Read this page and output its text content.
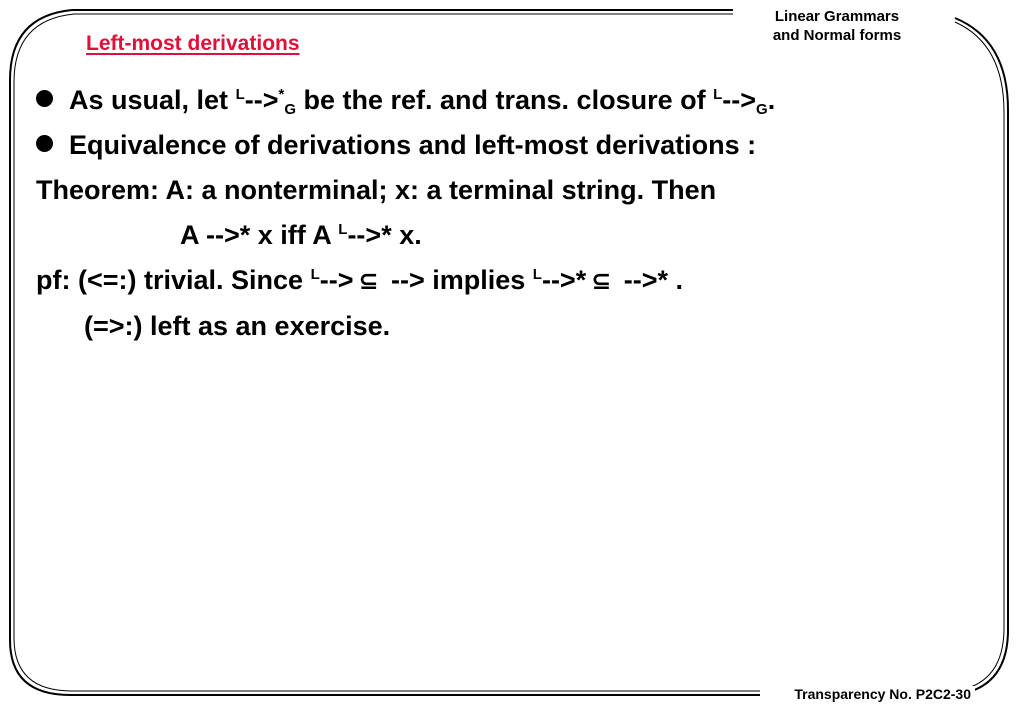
Linear Grammars
and Normal forms
Left-most derivations
As usual, let $^L$-->*G be the ref. and trans. closure of $^L$-->G.
Equivalence of derivations and left-most derivations :
Theorem: A: a nonterminal; x: a terminal string. Then
A -->* x iff A $^L$-->* x.
pf: (<=:) trivial. Since $^L$--> ⊆ --> implies $^L$-->* ⊆ -->* .
(=>:) left as an exercise.
Transparency No. P2C2-30
